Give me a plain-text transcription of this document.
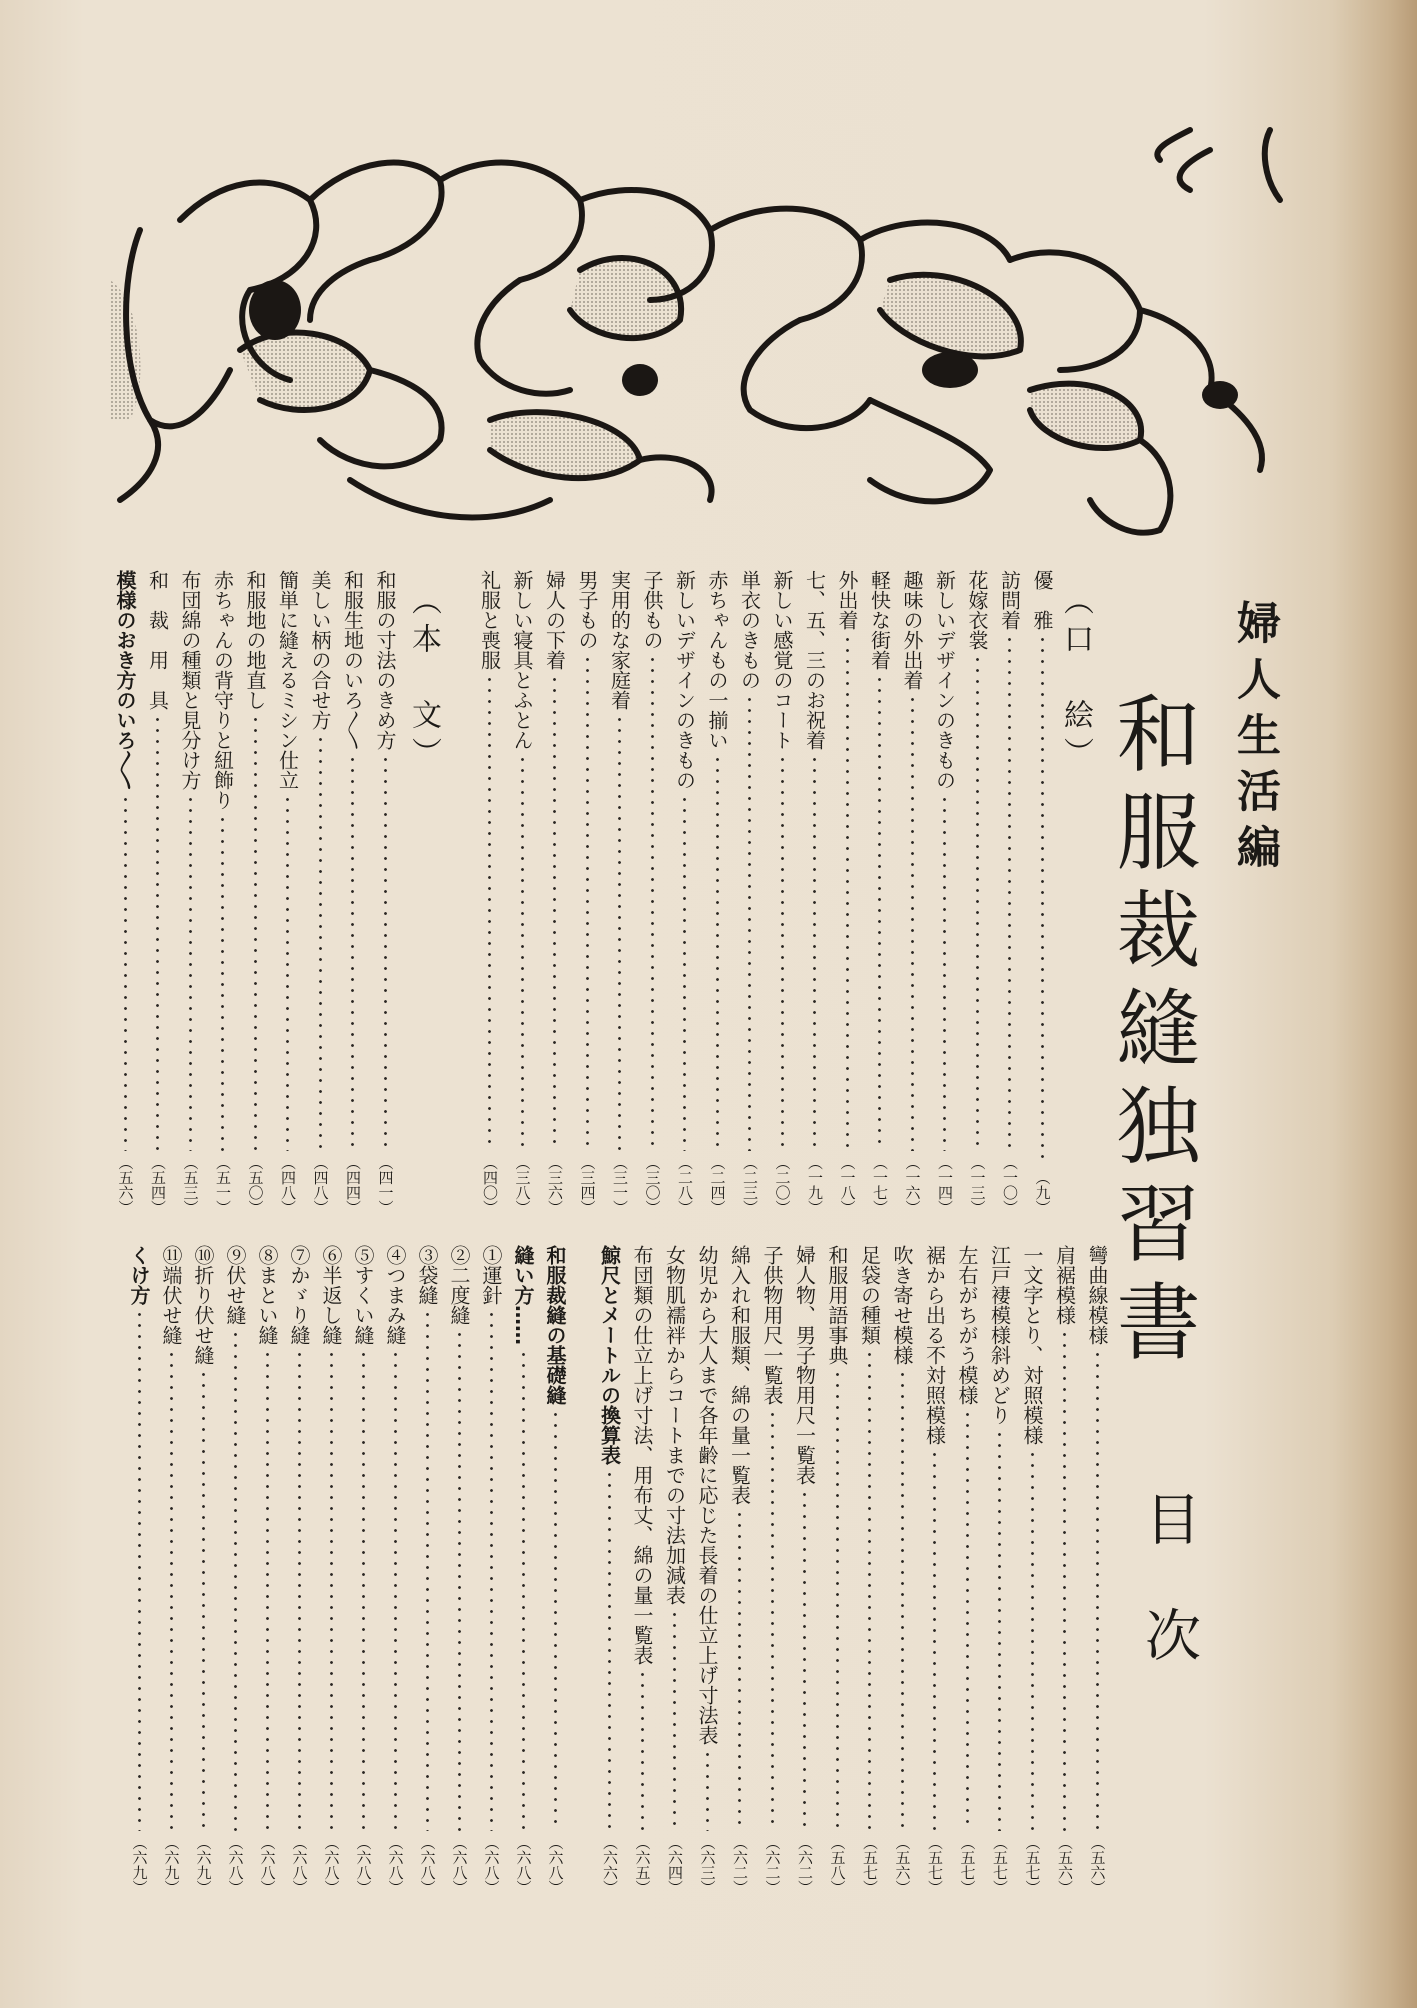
婦人生活編
和服裁縫独習書
目次
（口　絵）
（本　文）	優　雅
（九）
訪問着
（一〇）
花嫁衣裳
（一三）
新しいデザインのきもの
（一四）
趣味の外出着
（一六）
軽快な街着
（一七）
外出着
（一八）
七、五、三のお祝着
（一九）
新しい感覚のコート
（二〇）
単衣のきもの
（二三）
赤ちゃんもの一揃い
（二四）
新しいデザインのきもの
（二八）
子供もの
（三〇）
実用的な家庭着
（三一）
男子もの
（三四）
婦人の下着
（三六）
新しい寝具とふとん
（三八）
礼服と喪服
（四〇）
和服の寸法のきめ方
（四一）
和服生地のいろ〱
（四四）
美しい柄の合せ方
（四八）
簡単に縫えるミシン仕立
（四八）
和服地の地直し
（五〇）
赤ちゃんの背守りと紐飾り
（五一）
布団綿の種類と見分け方
（五三）
和　裁　用　具
（五四）
模様のおき方のいろ〱
（五六）
彎曲線模様
（五六）
肩裾模様
（五六）
一文字とり、対照模様
（五七）
江戸褄模様斜めどり
（五七）
左右がちがう模様
（五七）
裾から出る不対照模様
（五七）
吹き寄せ模様
（五六）
足袋の種類
（五七）
和服用語事典
（五八）
婦人物、男子物用尺一覧表
（六二）
子供物用尺一覧表
（六二）
綿入れ和服類、綿の量一覧表
（六二）
幼児から大人まで各年齢に応じた長着の仕立上げ寸法表
（六三）
女物肌襦袢からコートまでの寸法加減表
（六四）
布団類の仕立上げ寸法、用布丈、綿の量一覧表
（六五）
鯨尺とメートルの換算表
（六六）
和服裁縫の基礎縫
（六八）
縫い方……
（六八）
①運針
（六八）
②二度縫
（六八）
③袋縫
（六八）
④つまみ縫
（六八）
⑤すくい縫
（六八）
⑥半返し縫
（六八）
⑦かゞり縫
（六八）
⑧まとい縫
（六八）
⑨伏せ縫
（六八）
⑩折り伏せ縫
（六九）
⑪端伏せ縫
（六九）
くけ方
（六九）
